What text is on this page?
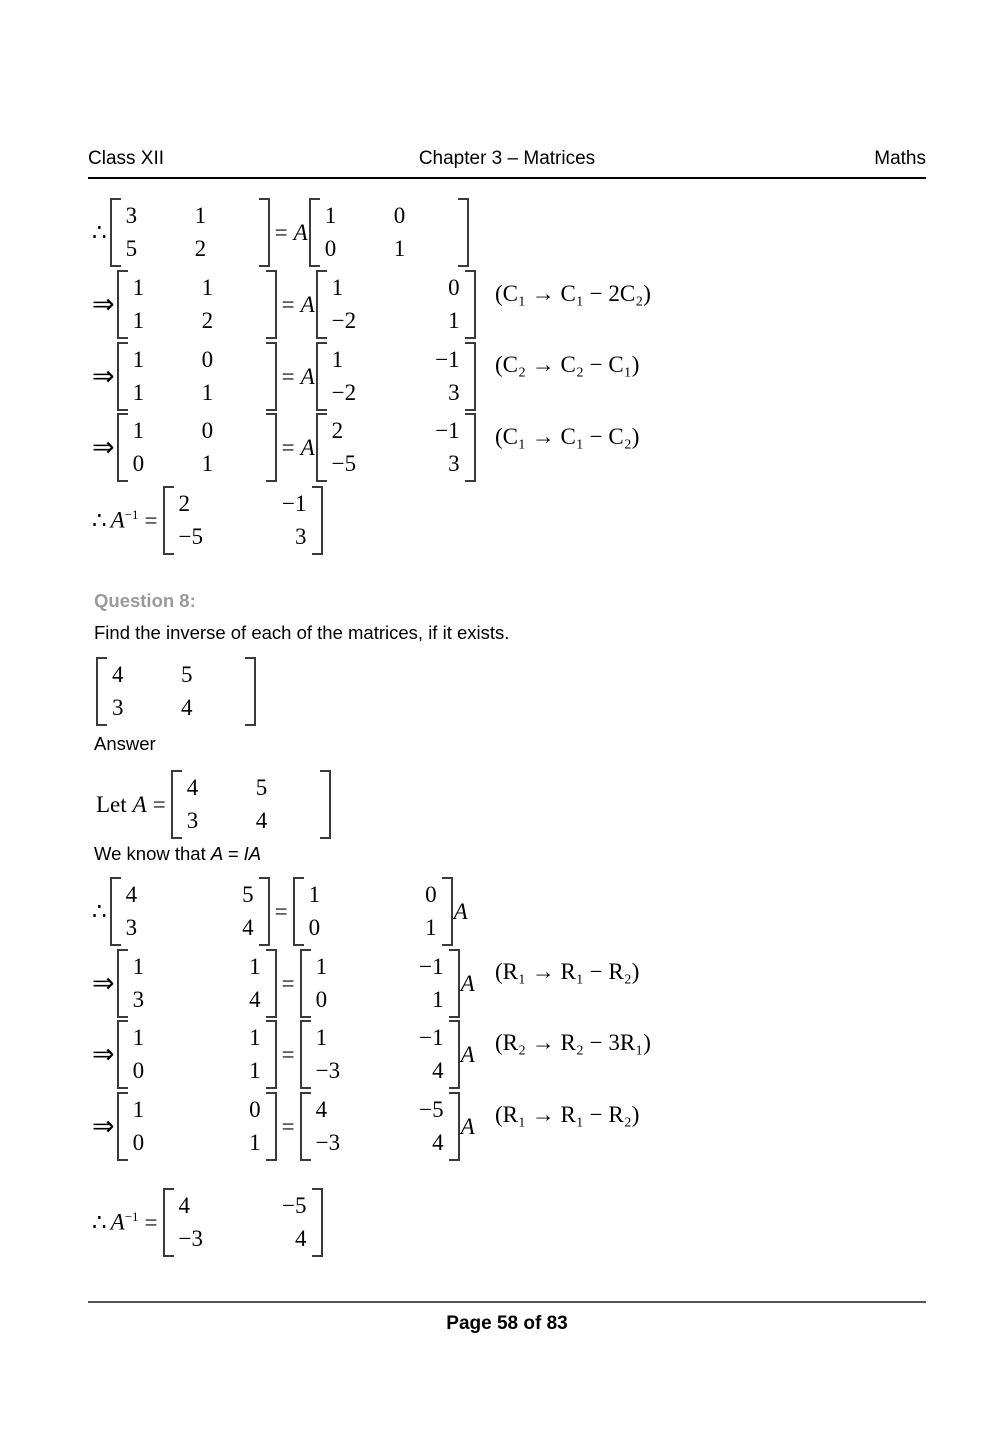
Class XII	Chapter 3 – Matrices	Maths
∴
3	1
5	2
= A
1	0
0	1
⇒
1	1
1	2
= A
1	0
−2	1
(C₁ → C₁ − 2C₂)
⇒
1	0
1	1
= A
1	−1
−2	3
(C₂ → C₂ − C₁)
⇒
1	0
0	1
= A
2	−1
−5	3
(C₁ → C₁ − C₂)
∴ $A^{-1}$ =
2	−1
−5	3
Question 8:
Find the inverse of each of the matrices, if it exists.
4	5
3	4
Answer
Let A =
4	5
3	4
We know that A = IA
∴
4	5
3	4
=
1	0
0	1
A
⇒
1	1
3	4
=
1	−1
0	1
A (R₁ → R₁ − R₂)
⇒
1	1
0	1
=
1	−1
−3	4
A (R₂ → R₂ − 3R₁)
⇒
1	0
0	1
=
4	−5
−3	4
A (R₁ → R₁ − R₂)
∴ $A^{-1}$ =
4	−5
−3	4
Page 58 of 83
